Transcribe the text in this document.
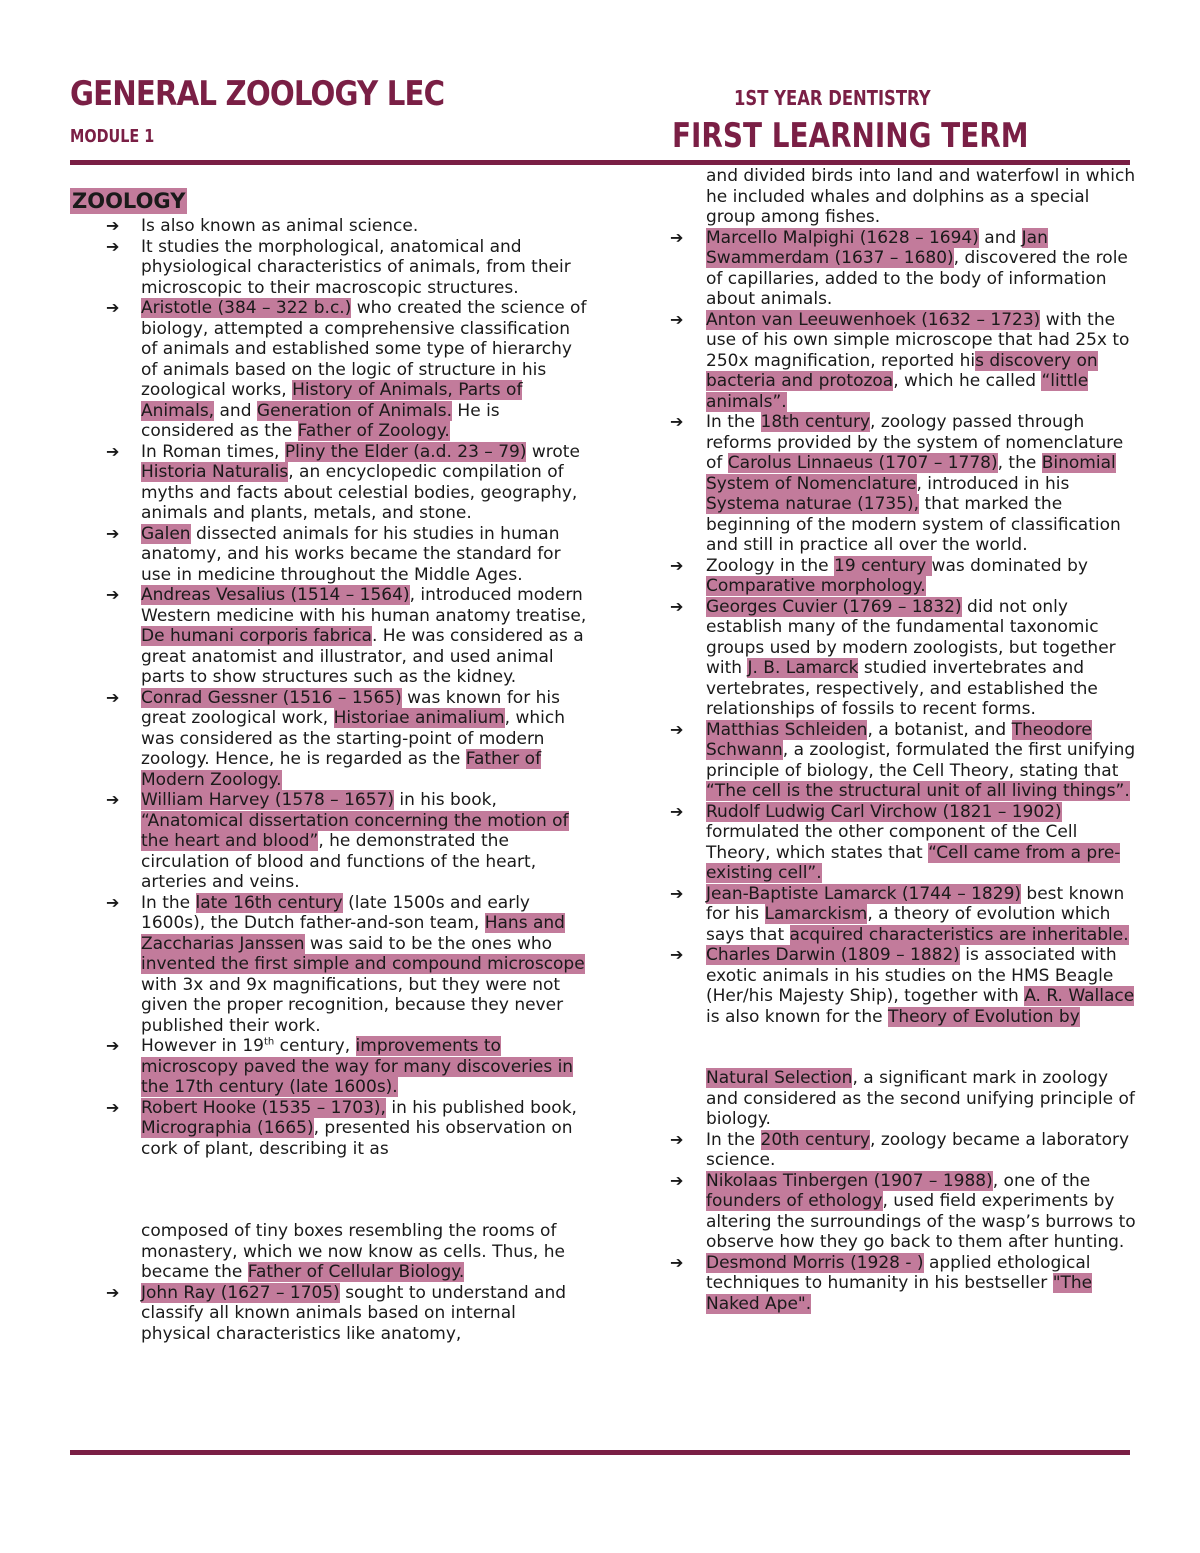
GENERAL ZOOLOGY LEC
MODULE 1
1ST YEAR DENTISTRY
FIRST LEARNING TERM
ZOOLOGY
➔ Is also known as animal science.
➔ It studies the morphological, anatomical and physiological characteristics of animals, from their microscopic to their macroscopic structures.
➔ Aristotle (384 – 322 b.c.) who created the science of biology, attempted a comprehensive classification of animals and established some type of hierarchy of animals based on the logic of structure in his zoological works, History of Animals, Parts of Animals, and Generation of Animals. He is considered as the Father of Zoology.
➔ In Roman times, Pliny the Elder (a.d. 23 – 79) wrote Historia Naturalis, an encyclopedic compilation of myths and facts about celestial bodies, geography, animals and plants, metals, and stone.
➔ Galen dissected animals for his studies in human anatomy, and his works became the standard for use in medicine throughout the Middle Ages.
➔ Andreas Vesalius (1514 – 1564), introduced modern Western medicine with his human anatomy treatise, De humani corporis fabrica. He was considered as a great anatomist and illustrator, and used animal parts to show structures such as the kidney.
➔ Conrad Gessner (1516 – 1565) was known for his great zoological work, Historiae animalium, which was considered as the starting-point of modern zoology. Hence, he is regarded as the Father of Modern Zoology.
➔ William Harvey (1578 – 1657) in his book, “Anatomical dissertation concerning the motion of the heart and blood”, he demonstrated the circulation of blood and functions of the heart, arteries and veins.
➔ In the late 16th century (late 1500s and early 1600s), the Dutch father-and-son team, Hans and Zaccharias Janssen was said to be the ones who invented the first simple and compound microscope with 3x and 9x magnifications, but they were not given the proper recognition, because they never published their work.
➔ However in 19th century, improvements to microscopy paved the way for many discoveries in the 17th century (late 1600s).
➔ Robert Hooke (1535 – 1703), in his published book, Micrographia (1665), presented his observation on cork of plant, describing it as
composed of tiny boxes resembling the rooms of monastery, which we now know as cells. Thus, he became the Father of Cellular Biology.
➔ John Ray (1627 – 1705) sought to understand and classify all known animals based on internal physical characteristics like anatomy,
and divided birds into land and waterfowl in which he included whales and dolphins as a special group among fishes.
➔ Marcello Malpighi (1628 – 1694) and Jan Swammerdam (1637 – 1680), discovered the role of capillaries, added to the body of information about animals.
➔ Anton van Leeuwenhoek (1632 – 1723) with the use of his own simple microscope that had 25x to 250x magnification, reported his discovery on bacteria and protozoa, which he called “little animals”.
➔ In the 18th century, zoology passed through reforms provided by the system of nomenclature of Carolus Linnaeus (1707 – 1778), the Binomial System of Nomenclature, introduced in his Systema naturae (1735), that marked the beginning of the modern system of classification and still in practice all over the world.
➔ Zoology in the 19 century was dominated by Comparative morphology.
➔ Georges Cuvier (1769 – 1832) did not only establish many of the fundamental taxonomic groups used by modern zoologists, but together with J. B. Lamarck studied invertebrates and vertebrates, respectively, and established the relationships of fossils to recent forms.
➔ Matthias Schleiden, a botanist, and Theodore Schwann, a zoologist, formulated the first unifying principle of biology, the Cell Theory, stating that “The cell is the structural unit of all living things”.
➔ Rudolf Ludwig Carl Virchow (1821 – 1902) formulated the other component of the Cell Theory, which states that “Cell came from a pre-existing cell”.
➔ Jean-Baptiste Lamarck (1744 – 1829) best known for his Lamarckism, a theory of evolution which says that acquired characteristics are inheritable.
➔ Charles Darwin (1809 – 1882) is associated with exotic animals in his studies on the HMS Beagle (Her/his Majesty Ship), together with A. R. Wallace is also known for the Theory of Evolution by
Natural Selection, a significant mark in zoology and considered as the second unifying principle of biology.
➔ In the 20th century, zoology became a laboratory science.
➔ Nikolaas Tinbergen (1907 – 1988), one of the founders of ethology, used field experiments by altering the surroundings of the wasp’s burrows to observe how they go back to them after hunting.
➔ Desmond Morris (1928 - ) applied ethological techniques to humanity in his bestseller "The Naked Ape".
